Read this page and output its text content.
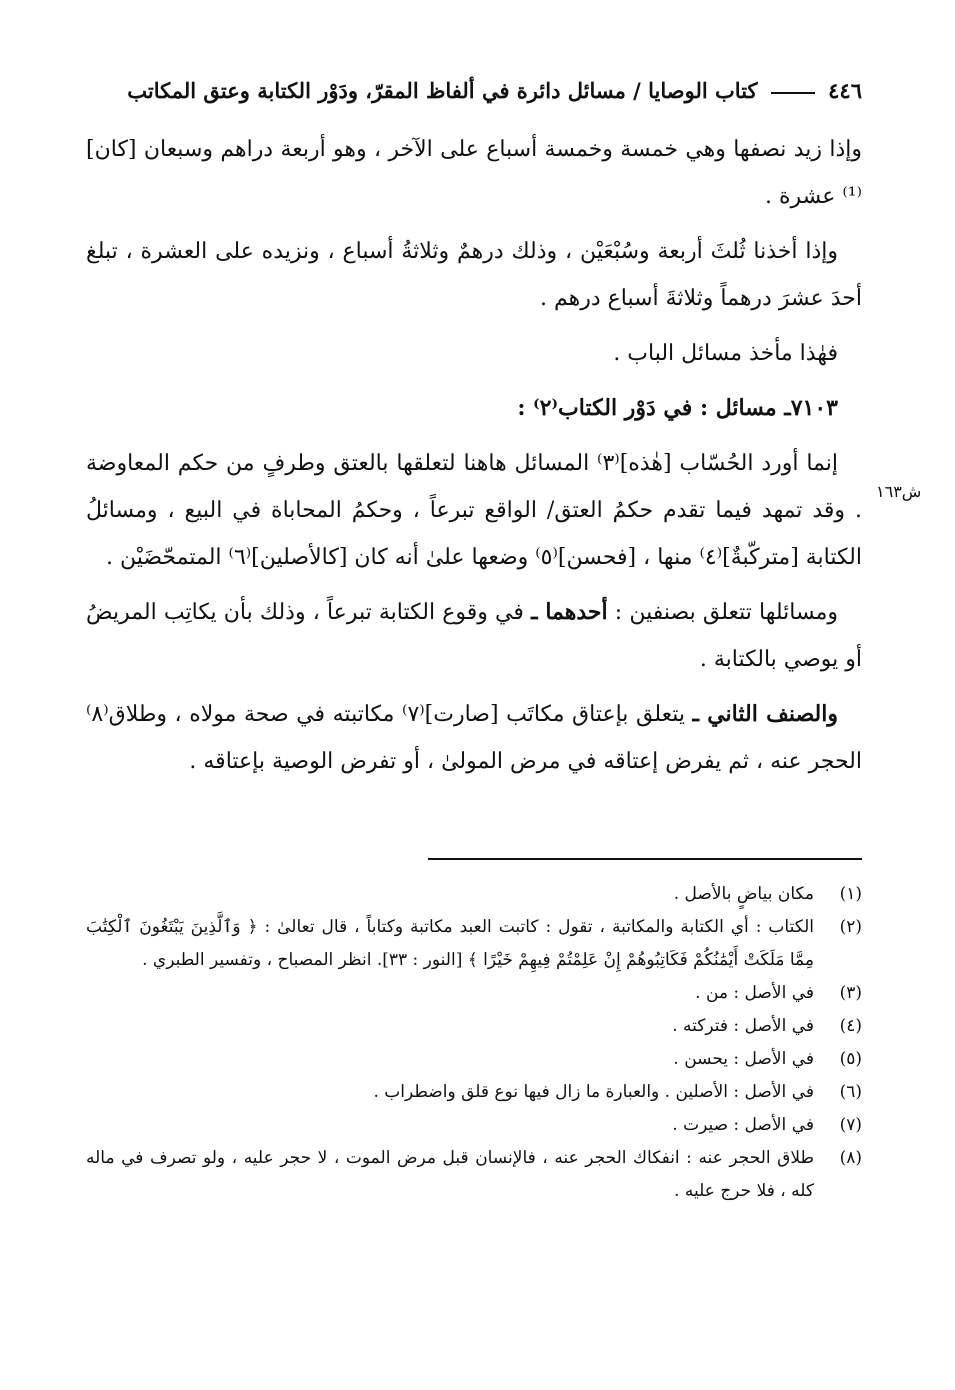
٤٤٦  كتاب الوصايا / مسائل دائرة في ألفاظ المقرّ، ودَوْر الكتابة وعتق المكاتب
ش١٦٣

وإذا زيد نصفها وهي خمسة وخمسة أسباع على الآخر ، وهو أربعة دراهم وسبعان [كان]⁽¹⁾ عشرة .

وإذا أخذنا ثُلثَ أربعة وسُبْعَيْن ، وذلك درهمٌ وثلاثةُ أسباع ، ونزيده على العشرة ، تبلغ أحدَ عشرَ درهماً وثلاثةَ أسباع درهم .

فهٰذا مأخذ مسائل الباب .

٧١٠٣ـ مسائل : في دَوْر الكتاب⁽٢⁾ :

إنما أورد الحُسّاب [هٰذه]⁽٣⁾ المسائل هاهنا لتعلقها بالعتق وطرفٍ من حكم المعاوضة . وقد تمهد فيما تقدم حكمُ العتق/ الواقع تبرعاً ، وحكمُ المحاباة في البيع ، ومسائلُ الكتابة [متركّبةٌ]⁽٤⁾ منها ، [فحسن]⁽٥⁾ وضعها علىٰ أنه كان [كالأصلين]⁽٦⁾ المتمحّضَيْن .

ومسائلها تتعلق بصنفين : أحدهما ـ في وقوع الكتابة تبرعاً ، وذلك بأن يكاتِب المريضُ أو يوصي بالكتابة .

والصنف الثاني ـ يتعلق بإعتاق مكاتَب [صارت]⁽٧⁾ مكاتبته في صحة مولاه ، وطلاق⁽٨⁾ الحجر عنه ، ثم يفرض إعتاقه في مرض المولىٰ ، أو تفرض الوصية بإعتاقه .

(١)
مكان بياضٍ بالأصل .
(٢)
الكتاب : أي الكتابة والمكاتبة ، تقول : كاتبت العبد مكاتبة وكتاباً ، قال تعالىٰ : ﴿ وَٱلَّذِينَ يَبْتَغُونَ ٱلْكِتَٰبَ مِمَّا مَلَكَتْ أَيْمَٰنُكُمْ فَكَاتِبُوهُمْ إِنْ عَلِمْتُمْ فِيهِمْ خَيْرًا ﴾ [النور : ٣٣]. انظر المصباح ، وتفسير الطبري .
(٣)
في الأصل : من .
(٤)
في الأصل : فتركته .
(٥)
في الأصل : يحسن .
(٦)
في الأصل : الأصلين . والعبارة ما زال فيها نوع قلق واضطراب .
(٧)
في الأصل : صيرت .
(٨)
طلاق الحجر عنه : انفكاك الحجر عنه ، فالإنسان قبل مرض الموت ، لا حجر عليه ، ولو تصرف في ماله كله ، فلا حرج عليه .
